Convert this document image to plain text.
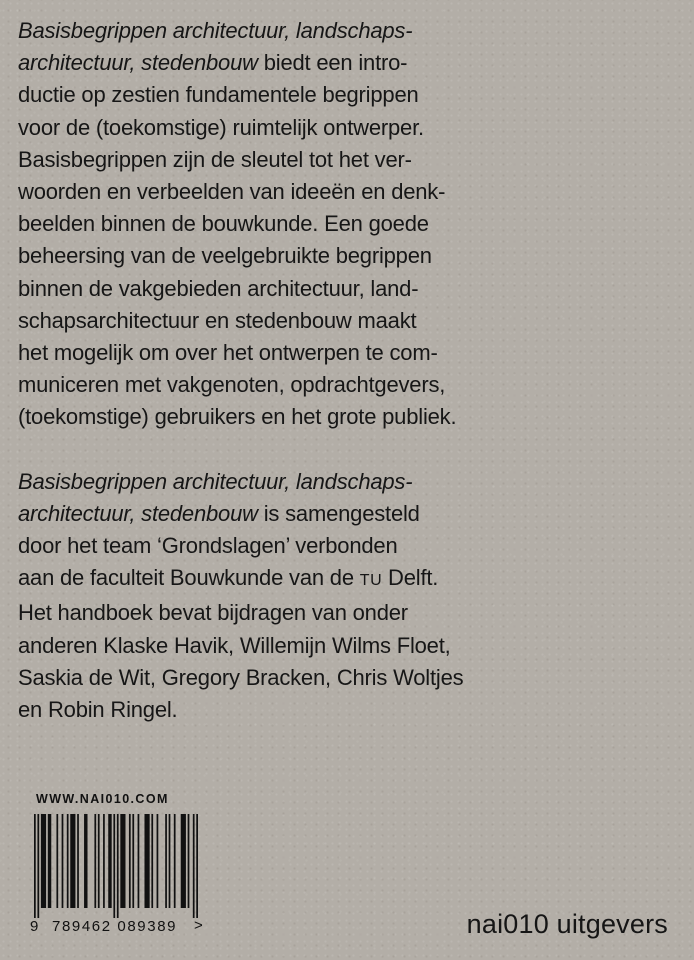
Basisbegrippen architectuur, landschaps-
architectuur, stedenbouw biedt een intro-
ductie op zestien fundamentele begrippen
voor de (toekomstige) ruimtelijk ontwerper.
Basisbegrippen zijn de sleutel tot het ver-
woorden en verbeelden van ideeën en denk-
beelden binnen de bouwkunde. Een goede
beheersing van de veelgebruikte begrippen
binnen de vakgebieden architectuur, land-
schapsarchitectuur en stedenbouw maakt
het mogelijk om over het ontwerpen te com-
municeren met vakgenoten, opdrachtgevers,
(toekomstige) gebruikers en het grote publiek.

Basisbegrippen architectuur, landschaps-
architectuur, stedenbouw is samengesteld
door het team ‘Grondslagen’ verbonden
aan de faculteit Bouwkunde van de TU Delft.
Het handboek bevat bijdragen van onder
anderen Klaske Havik, Willemijn Wilms Floet,
Saskia de Wit, Gregory Bracken, Chris Woltjes
en Robin Ringel.

WWW.NAI010.COM
9 789462 089389 >	nai010 uitgevers
